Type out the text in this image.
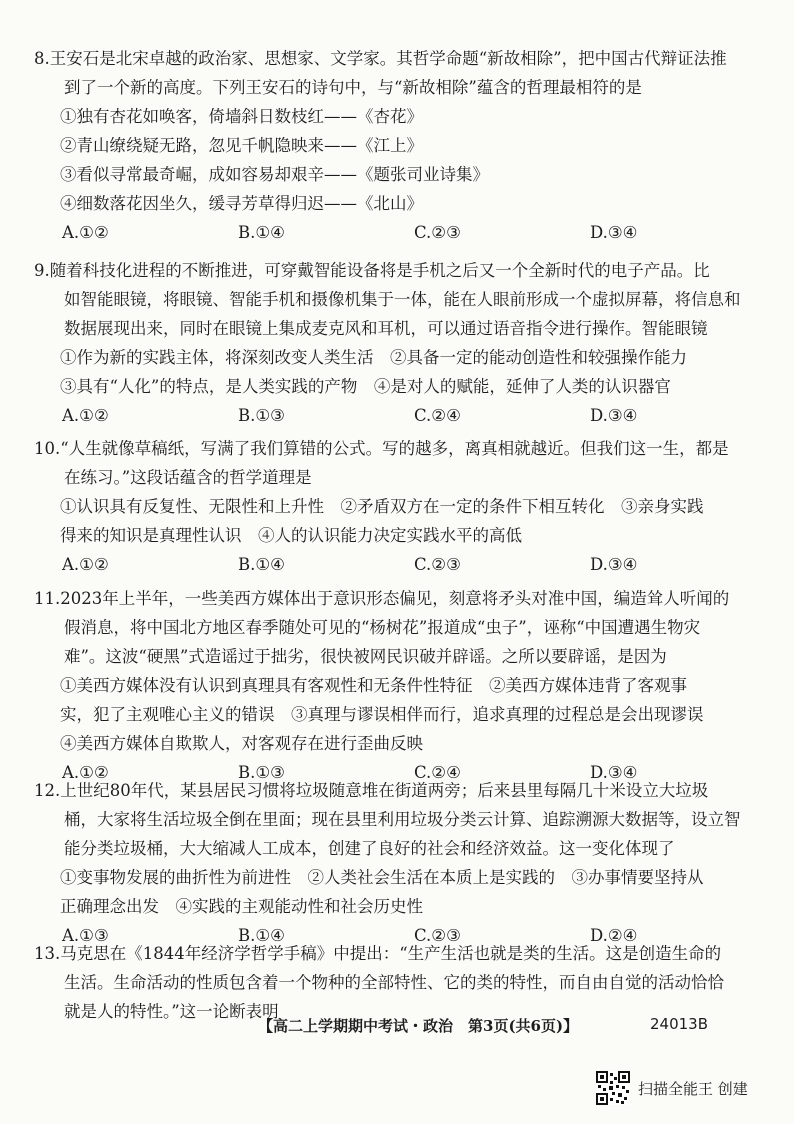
8.王安石是北宋卓越的政治家、思想家、文学家。其哲学命题“新故相除”，把中国古代辩证法推
到了一个新的高度。下列王安石的诗句中，与“新故相除”蕴含的哲理最相符的是
①独有杏花如唤客，倚墙斜日数枝红——《杏花》
②青山缭绕疑无路，忽见千帆隐映来——《江上》
③看似寻常最奇崛，成如容易却艰辛——《题张司业诗集》
④细数落花因坐久，缓寻芳草得归迟——《北山》
A.①②	B.①④	C.②③	D.③④
9.随着科技化进程的不断推进，可穿戴智能设备将是手机之后又一个全新时代的电子产品。比
如智能眼镜，将眼镜、智能手机和摄像机集于一体，能在人眼前形成一个虚拟屏幕，将信息和
数据展现出来，同时在眼镜上集成麦克风和耳机，可以通过语音指令进行操作。智能眼镜
①作为新的实践主体，将深刻改变人类生活　②具备一定的能动创造性和较强操作能力
③具有“人化”的特点，是人类实践的产物　④是对人的赋能，延伸了人类的认识器官
A.①②	B.①③	C.②④	D.③④
10.“人生就像草稿纸，写满了我们算错的公式。写的越多，离真相就越近。但我们这一生，都是
在练习。”这段话蕴含的哲学道理是
①认识具有反复性、无限性和上升性　②矛盾双方在一定的条件下相互转化　③亲身实践
得来的知识是真理性认识　④人的认识能力决定实践水平的高低
A.①②	B.①④	C.②③	D.③④
11.2023年上半年，一些美西方媒体出于意识形态偏见，刻意将矛头对准中国，编造耸人听闻的
假消息，将中国北方地区春季随处可见的“杨树花”报道成“虫子”，诬称“中国遭遇生物灾
难”。这波“硬黑”式造谣过于拙劣，很快被网民识破并辟谣。之所以要辟谣，是因为
①美西方媒体没有认识到真理具有客观性和无条件性特征　②美西方媒体违背了客观事
实，犯了主观唯心主义的错误　③真理与谬误相伴而行，追求真理的过程总是会出现谬误
④美西方媒体自欺欺人，对客观存在进行歪曲反映
A.①②	B.①③	C.②④	D.③④
12.上世纪80年代，某县居民习惯将垃圾随意堆在街道两旁；后来县里每隔几十米设立大垃圾
桶，大家将生活垃圾全倒在里面；现在县里利用垃圾分类云计算、追踪溯源大数据等，设立智
能分类垃圾桶，大大缩减人工成本，创建了良好的社会和经济效益。这一变化体现了
①变事物发展的曲折性为前进性　②人类社会生活在本质上是实践的　③办事情要坚持从
正确理念出发　④实践的主观能动性和社会历史性
A.①③	B.①④	C.②③	D.②④
13.马克思在《1844年经济学哲学手稿》中提出：“生产生活也就是类的生活。这是创造生命的
生活。生命活动的性质包含着一个物种的全部特性、它的类的特性，而自由自觉的活动恰恰
就是人的特性。”这一论断表明
【高二上学期期中考试・政治　第3页(共6页)】	24013B
扫描全能王 创建
